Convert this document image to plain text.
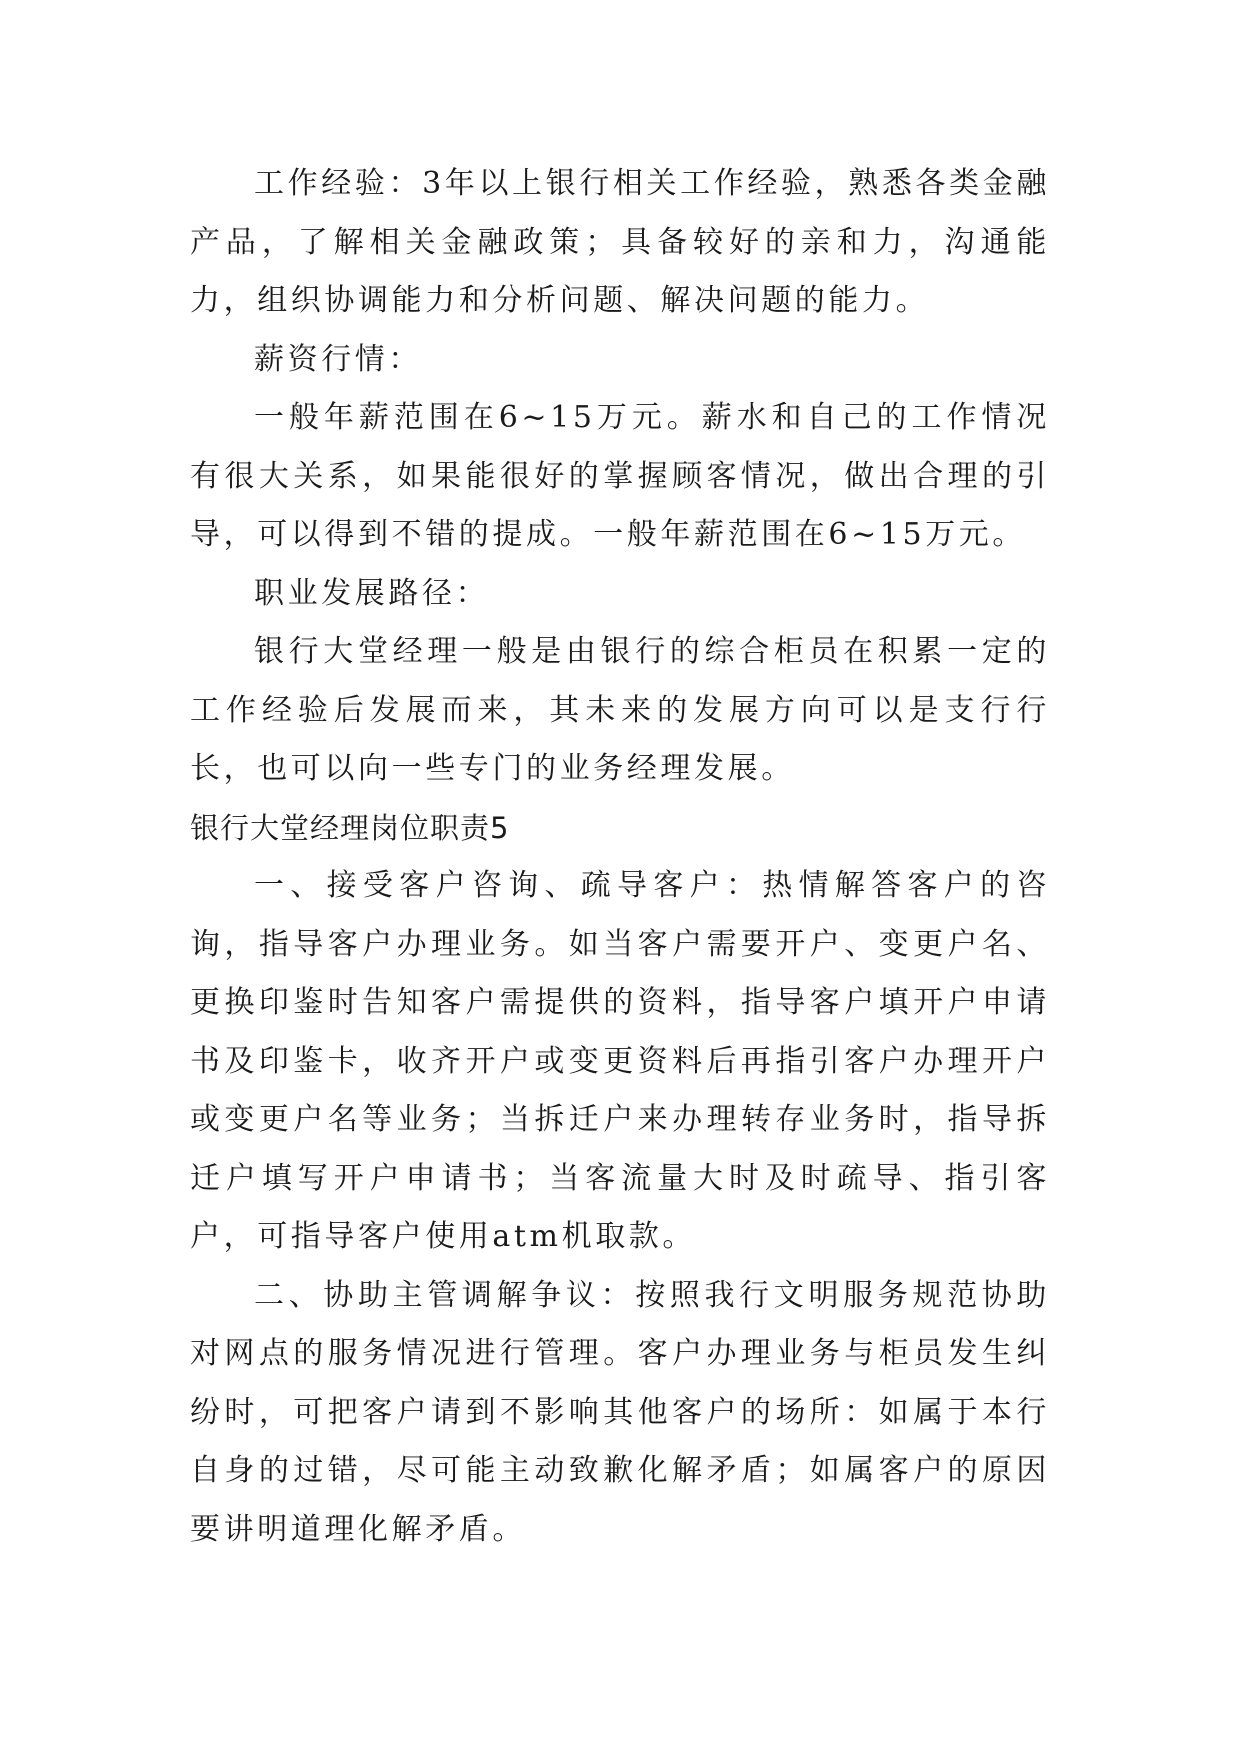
工作经验：3年以上银行相关工作经验，熟悉各类金融产品，了解相关金融政策；具备较好的亲和力，沟通能力，组织协调能力和分析问题、解决问题的能力。

薪资行情：

一般年薪范围在6~15万元。薪水和自己的工作情况有很大关系，如果能很好的掌握顾客情况，做出合理的引导，可以得到不错的提成。一般年薪范围在6~15万元。

职业发展路径：

银行大堂经理一般是由银行的综合柜员在积累一定的工作经验后发展而来，其未来的发展方向可以是支行行长，也可以向一些专门的业务经理发展。

银行大堂经理岗位职责5

一、接受客户咨询、疏导客户：热情解答客户的咨询，指导客户办理业务。如当客户需要开户、变更户名、更换印鉴时告知客户需提供的资料，指导客户填开户申请书及印鉴卡，收齐开户或变更资料后再指引客户办理开户或变更户名等业务；当拆迁户来办理转存业务时，指导拆迁户填写开户申请书；当客流量大时及时疏导、指引客户，可指导客户使用atm机取款。

二、协助主管调解争议：按照我行文明服务规范协助对网点的服务情况进行管理。客户办理业务与柜员发生纠纷时，可把客户请到不影响其他客户的场所：如属于本行自身的过错，尽可能主动致歉化解矛盾；如属客户的原因要讲明道理化解矛盾。
